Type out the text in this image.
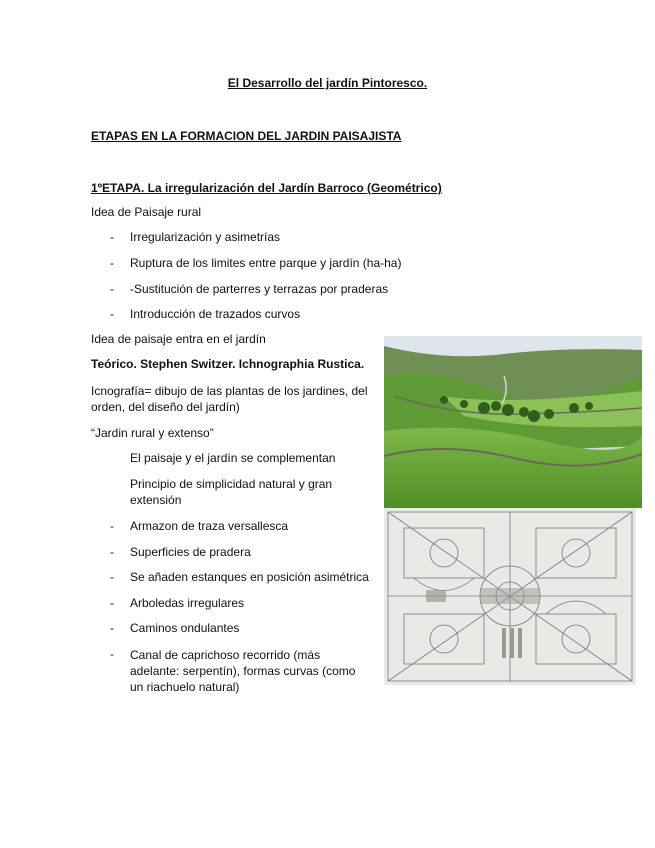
El Desarrollo del jardín Pintoresco.
ETAPAS EN LA FORMACION DEL JARDIN PAISAJISTA
1ºETAPA. La irregularización del Jardín Barroco (Geométrico)
Idea de Paisaje rural
- Irregularización y asimetrías
- Ruptura de los limites entre parque y jardín (ha-ha)
- -Sustitución de parterres y terrazas por praderas
- Introducción de trazados curvos
Idea de paisaje entra en el jardín
Teórico. Stephen Switzer. Ichnographia Rustica.
Icnografía= dibujo de las plantas de los jardines, del orden, del diseño del jardín)
“Jardin rural y extenso”
El paisaje y el jardín se complementan
Principio de simplicidad natural y gran extensión
- Armazon de traza versallesca
- Superficies de pradera
- Se añaden estanques en posición asimétrica
- Arboledas irregulares
- Caminos ondulantes
- Canal de caprichoso recorrido (más adelante: serpentín), formas curvas (como un riachuelo natural)
